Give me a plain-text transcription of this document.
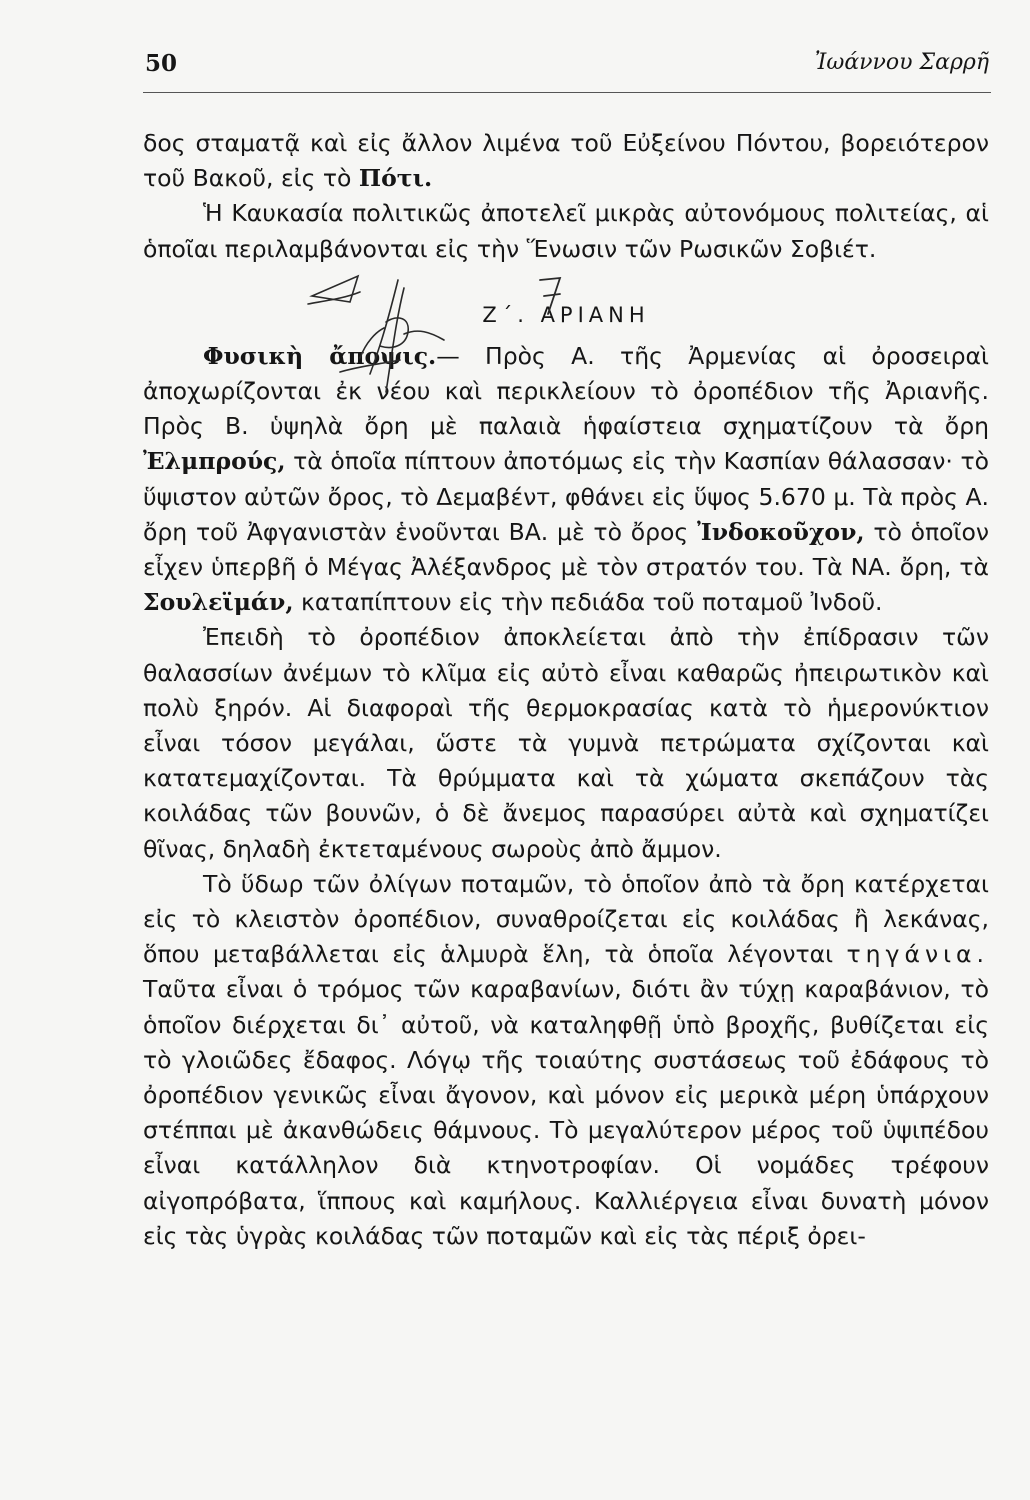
50	Ἰωάννου Σαρρῆ

δος σταματᾷ καὶ εἰς ἄλλον λιμένα τοῦ Εὐξείνου Πόντου, βορειότερον τοῦ Βακοῦ, εἰς τὸ Πότι.

Ἡ Καυκασία πολιτικῶς ἀποτελεῖ μικρὰς αὐτονόμους πολιτείας, αἱ ὁποῖαι περιλαμβάνονται εἰς τὴν Ἕνωσιν τῶν Ρωσικῶν Σοβιέτ.

Ζ΄. ΑΡΙΑΝΗ

Φυσικὴ ἄποψις.— Πρὸς Α. τῆς Ἀρμενίας αἱ ὀροσειραὶ ἀποχωρίζονται ἐκ νέου καὶ περικλείουν τὸ ὀροπέδιον τῆς Ἀριανῆς. Πρὸς Β. ὑψηλὰ ὄρη μὲ παλαιὰ ἡφαίστεια σχηματίζουν τὰ ὄρη Ἐλμπρούς, τὰ ὁποῖα πίπτουν ἀποτόμως εἰς τὴν Κασπίαν θάλασσαν· τὸ ὕψιστον αὐτῶν ὄρος, τὸ Δεμαβένт, φθάνει εἰς ὕψος 5.670 μ. Τὰ πρὸς Α. ὄρη τοῦ Ἀφγανιστὰν ἑνοῦνται ΒΑ. μὲ τὸ ὄρος Ἰνδοκοῦχον, τὸ ὁποῖον εἶχεν ὑπερβῆ ὁ Μέγας Ἀλέξανδρος μὲ τὸν στρατόν του. Τὰ ΝΑ. ὄρη, τὰ Σουλεϊμάν, καταπίπτουν εἰς τὴν πεδιάδα τοῦ ποταμοῦ Ἰνδοῦ.

Ἐπειδὴ τὸ ὀροπέδιον ἀποκλείεται ἀπὸ τὴν ἐπίδρασιν τῶν θαλασσίων ἀνέμων τὸ κλῖμα εἰς αὐτὸ εἶναι καθαρῶς ἠπειρωτικὸν καὶ πολὺ ξηρόν. Αἱ διαφοραὶ τῆς θερμοκρασίας κατὰ τὸ ἡμερονύκτιον εἶναι τόσον μεγάλαι, ὥστε τὰ γυμνὰ πετρώματα σχίζονται καὶ κατατεμαχίζονται. Τὰ θρύμματα καὶ τὰ χώματα σκεπάζουν τὰς κοιλάδας τῶν βουνῶν, ὁ δὲ ἄνεμος παρασύρει αὐτὰ καὶ σχηματίζει θῖνας, δηλαδὴ ἐκτεταμένους σωροὺς ἀπὸ ἄμμον.

Τὸ ὕδωρ τῶν ὀλίγων ποταμῶν, τὸ ὁποῖον ἀπὸ τὰ ὄρη κατέρχεται εἰς τὸ κλειστὸν ὀροπέδιον, συναθροίζεται εἰς κοιλάδας ἢ λεκάνας, ὅπου μεταβάλλεται εἰς ἁλμυρὰ ἕλη, τὰ ὁποῖα λέγονται τηγάνια. Ταῦτα εἶναι ὁ τρόμος τῶν καραβανίων, διότι ἂν τύχῃ καραβάνιον, τὸ ὁποῖον διέρχεται δι᾽ αὐτοῦ, νὰ καταληφθῇ ὑπὸ βροχῆς, βυθίζεται εἰς τὸ γλοιῶδες ἔδαφος. Λόγῳ τῆς τοιαύτης συστάσεως τοῦ ἐδάφους τὸ ὀροπέδιον γενικῶς εἶναι ἄγονον, καὶ μόνον εἰς μερικὰ μέρη ὑπάρχουν στέππαι μὲ ἀκανθώδεις θάμνους. Τὸ μεγαλύτερον μέρος τοῦ ὑψιπέδου εἶναι κατάλληλον διὰ κτηνοτροφίαν. Οἱ νομάδες τρέφουν αἰγοπρόβατα, ἵππους καὶ καμήλους. Καλλιέργεια εἶναι δυνατὴ μόνον εἰς τὰς ὑγρὰς κοιλάδας τῶν ποταμῶν καὶ εἰς τὰς πέριξ ὀρει-
